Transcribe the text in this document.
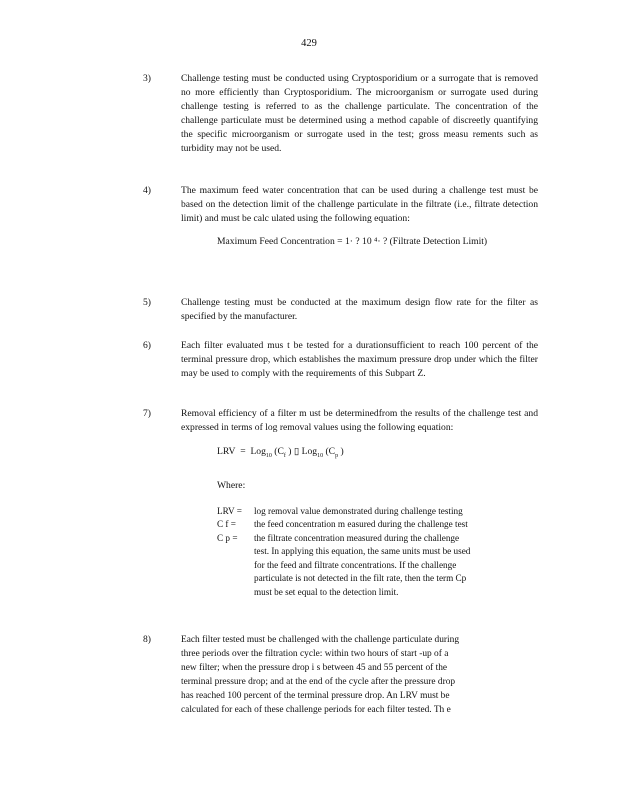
429
3)	Challenge testing must be conducted using Cryptosporidium or a surrogate that is removed no more efficiently than Cryptosporidium. The microorganism or surrogate used during challenge testing is referred to as the challenge particulate. The concentration of the challenge particulate must be determined using a method capable of discreetly quantifying the specific microorganism or surrogate used in the test; gross measu rements such as turbidity may not be used.
4)	The maximum feed water concentration that can be used during a challenge test must be based on the detection limit of the challenge particulate in the filtrate (i.e., filtrate detection limit) and must be calc ulated using the following equation:
Maximum Feed Concentration = 1· ? 10 ⁴· ? (Filtrate Detection Limit)
5)	Challenge testing must be conducted at the maximum design flow rate for the filter as specified by the manufacturer.
6)	Each filter evaluated mus t be tested for a durationsufficient to reach 100 percent of the terminal pressure drop, which establishes the maximum pressure drop under which the filter may be used to comply with the requirements of this Subpart Z.
7)	Removal efficiency of a filter m ust be determinedfrom the results of the challenge test and expressed in terms of log removal values using the following equation:
LRV = Log$_{10}$ ($C_f$ ) ▯ Log$_{10}$ ($C_p$ )
Where:
LRV =	log removal value demonstrated during challenge testing
C f =	the feed concentration m easured during the challenge test
C p =	the filtrate concentration measured during the challenge
test. In applying this equation, the same units must be used
for the feed and filtrate concentrations. If the challenge
particulate is not detected in the filt rate, then the term Cp
must be set equal to the detection limit.
8)	Each filter tested must be challenged with the challenge particulate during
three periods over the filtration cycle: within two hours of start -up of a
new filter; when the pressure drop i s between 45 and 55 percent of the
terminal pressure drop; and at the end of the cycle after the pressure drop
has reached 100 percent of the terminal pressure drop. An LRV must be
calculated for each of these challenge periods for each filter tested. Th e
